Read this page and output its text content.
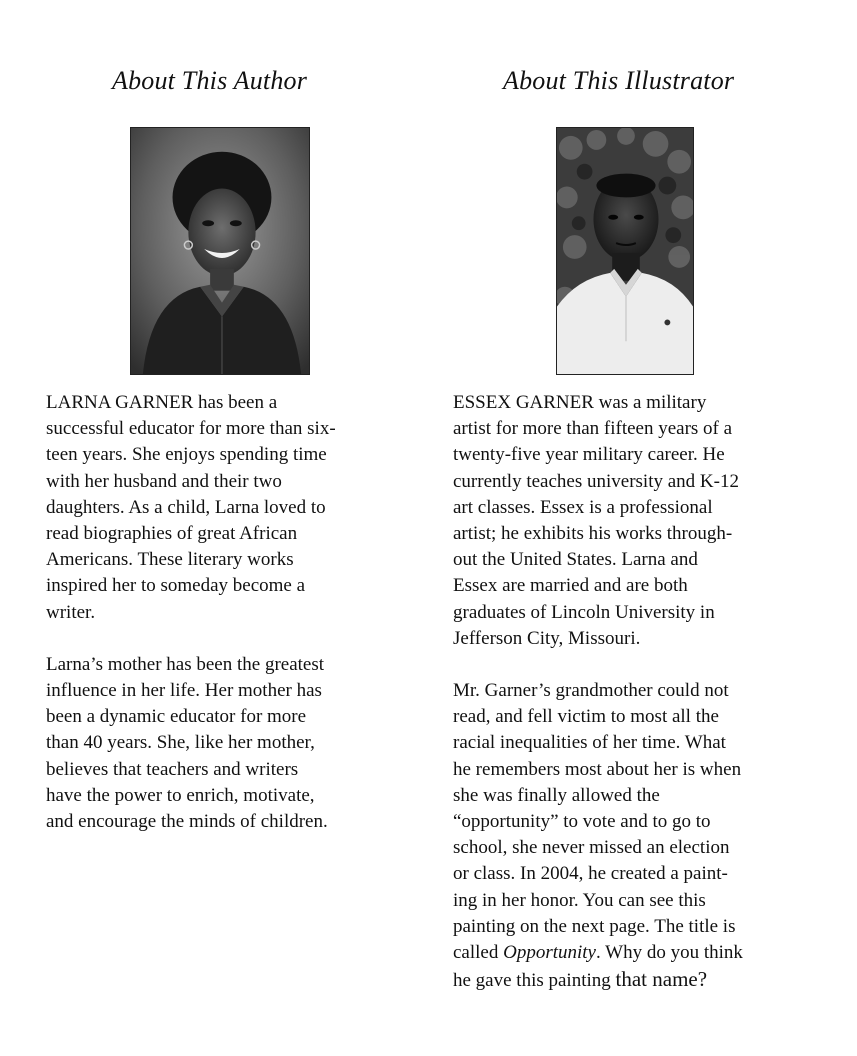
About This Author

LARNA GARNER has been a
successful educator for more than six-
teen years. She enjoys spending time
with her husband and their two
daughters. As a child, Larna loved to
read biographies of great African
Americans. These literary works
inspired her to someday become a
writer.

Larna’s mother has been the greatest
influence in her life. Her mother has
been a dynamic educator for more
than 40 years. She, like her mother,
believes that teachers and writers
have the power to enrich, motivate,
and encourage the minds of children.

About This Illustrator

ESSEX GARNER was a military
artist for more than fifteen years of a
twenty-five year military career. He
currently teaches university and K-12
art classes. Essex is a professional
artist; he exhibits his works through-
out the United States. Larna and
Essex are married and are both
graduates of Lincoln University in
Jefferson City, Missouri.

Mr. Garner’s grandmother could not
read, and fell victim to most all the
racial inequalities of her time. What
he remembers most about her is when
she was finally allowed the
“opportunity” to vote and to go to
school, she never missed an election
or class. In 2004, he created a paint-
ing in her honor. You can see this
painting on the next page. The title is
called Opportunity. Why do you think
he gave this painting that name?
